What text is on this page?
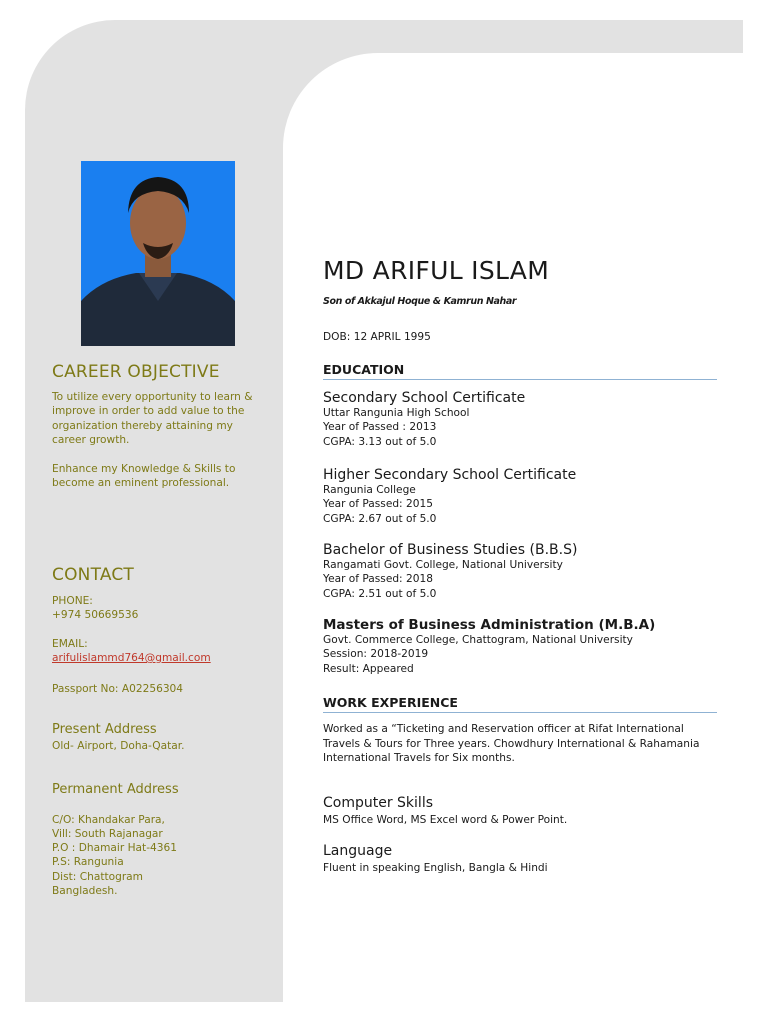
CAREER OBJECTIVE
To utilize every opportunity to learn & improve in order to add value to the organization thereby attaining my career growth.
Enhance my Knowledge & Skills to become an eminent professional.
CONTACT
PHONE:
+974 50669536
EMAIL:
arifulislammd764@gmail.com
Passport No: A02256304
Present Address
Old- Airport, Doha-Qatar.
Permanent Address
C/O: Khandakar Para,
Vill: South Rajanagar
P.O : Dhamair Hat-4361
P.S: Rangunia
Dist: Chattogram
Bangladesh.
MD ARIFUL ISLAM
Son of Akkajul Hoque & Kamrun Nahar
DOB: 12 APRIL 1995
EDUCATION
Secondary School Certificate
Uttar Rangunia High School
Year of Passed : 2013
CGPA: 3.13 out of 5.0
Higher Secondary School Certificate
Rangunia College
Year of Passed: 2015
CGPA: 2.67 out of 5.0
Bachelor of Business Studies (B.B.S)
Rangamati Govt. College, National University
Year of Passed: 2018
CGPA: 2.51 out of 5.0
Masters of Business Administration (M.B.A)
Govt. Commerce College, Chattogram, National University
Session: 2018-2019
Result: Appeared
WORK EXPERIENCE
Worked as a “Ticketing and Reservation officer at Rifat International Travels & Tours for Three years. Chowdhury International & Rahamania International Travels for Six months.
Computer Skills
MS Office Word, MS Excel word & Power Point.
Language
Fluent in speaking English, Bangla & Hindi
